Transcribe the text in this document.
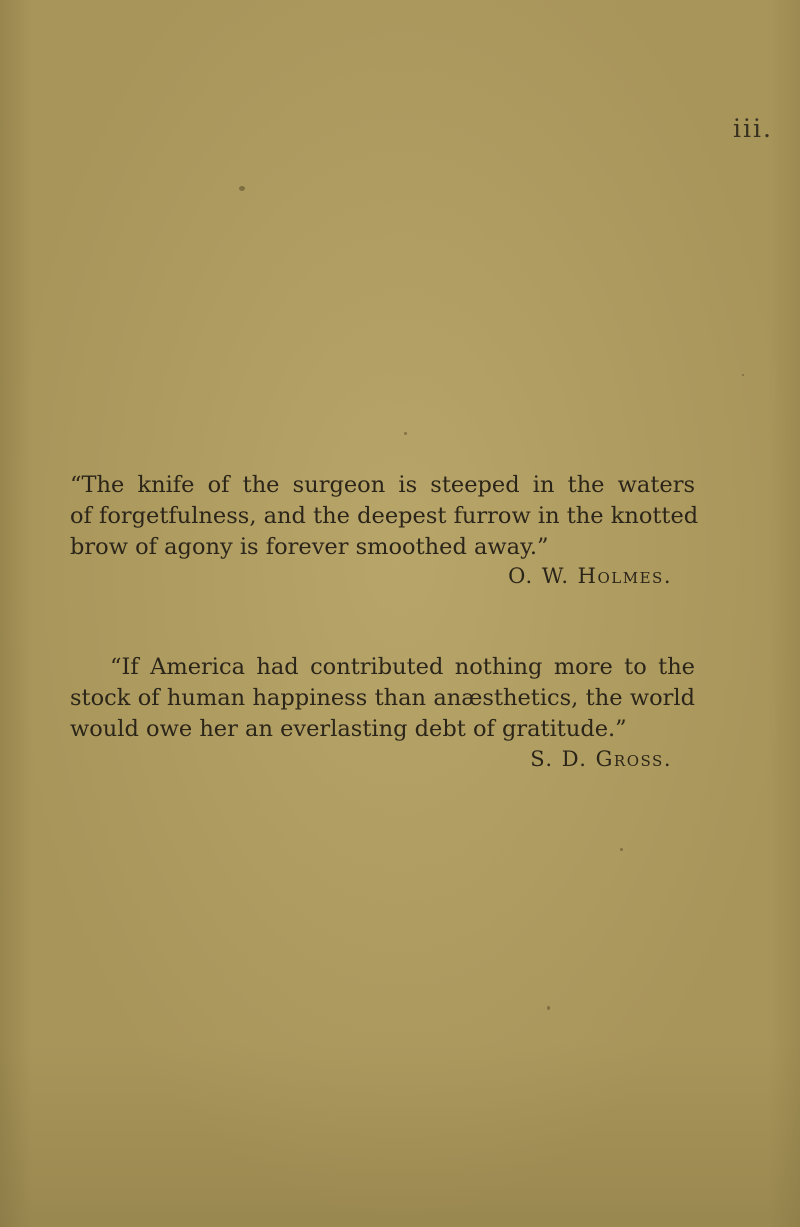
iii.
“The knife of the surgeon is steeped in the waters
of forgetfulness, and the deepest furrow in the knotted
brow of agony is forever smoothed away.”
O. W. Holmes.
“If America had contributed nothing more to the
stock of human happiness than anæsthetics, the world
would owe her an everlasting debt of gratitude.”
S. D. Gross.
